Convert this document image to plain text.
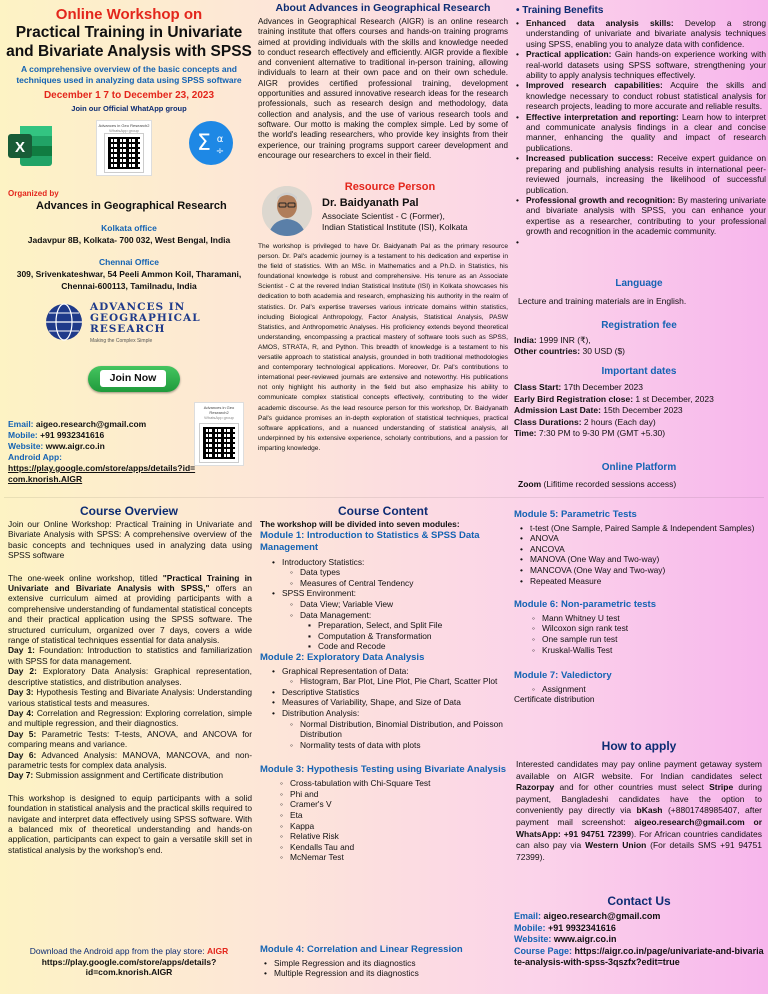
Online Workshop on
Practical Training in Univariate
and Bivariate Analysis with SPSS
A comprehensive overview of the basic concepts and techniques used in analyzing data using SPSS software
December 1 7 to December 23, 2023
Join our Official WhatApp group
X
Advances in Geo Research2
WhatsApp group
Σ α
÷
Organized by
Advances in Geographical Research
Kolkata office
Jadavpur 8B, Kolkata- 700 032, West Bengal, India
Chennai Office
309, Srivenkateshwar, 54 Peeli Ammon Koil, Tharamani, Chennai-600113, Tamilnadu, India
ADVANCES IN
GEOGRAPHICAL
RESEARCH
Making the Complex Simple
Join Now
Advances in Geo Research2
WhatsApp group
Email: aigeo.research@gmail.com
Mobile: +91 9932341616
Website: www.aigr.co.in
Android App:
https://play.google.com/store/apps/details?id=com.knorish.AIGR
About Advances in Geographical Research

Advances in Geographical Research (AIGR) is an online research training institute that offers courses and hands-on training programs aimed at providing individuals with the skills and knowledge needed to conduct research effectively and efficiently. AIGR provide a flexible and convenient alternative to traditional in-person training, allowing individuals to learn at their own pace and on their own schedule. AIGR provides certified professional training, development opportunities and assured innovative research ideas for the research professionals, such as research design and methodology, data collection and analysis, and the use of various research tools and software. Our motto is making the complex simple. Led by some of the world's leading researchers, who provide key insights from their experience, our training programs support career development and encourage our researchers to excel in their field.

Resource Person
Dr. Baidyanath Pal
Associate Scientist - C (Former),
Indian Statistical Institute (ISI), Kolkata

The workshop is privileged to have Dr. Baidyanath Pal as the primary resource person. Dr. Pal's academic journey is a testament to his dedication and expertise in the field of statistics. With an MSc. in Mathematics and a Ph.D. in Statistics, his foundational knowledge is robust and comprehensive. His tenure as an Associate Scientist - C at the revered Indian Statistical Institute (ISI) in Kolkata showcases his dedication to both academia and research, emphasizing his authority in the realm of statistics. Dr. Pal's expertise traverses various intricate domains within statistics, including Biological Anthropology, Factor Analysis, Statistical Analysis, PASW Statistics, and Anthropometric Analyses. His proficiency extends beyond theoretical understanding, encompassing a practical mastery of software tools such as SPSS, AMOS, STRATA, R, and Python. This breadth of knowledge is a testament to his versatile approach to statistical analysis, grounded in both traditional methodologies and contemporary technological applications. Moreover, Dr. Pal's contributions to international peer-reviewed journals are extensive and noteworthy. His publications not only highlight his authority in the field but also emphasize his ability to communicate complex statistical concepts effectively, contributing to the wider academic discourse. As the lead resource person for this workshop, Dr. Baidyanath Pal's guidance promises an in-depth exploration of statistical techniques, practical software applications, and a nuanced understanding of statistical analysis, all underpinned by his extensive experience, scholarly contributions, and a passion for imparting knowledge.

• Training Benefits
• Enhanced data analysis skills: Develop a strong understanding of univariate and bivariate analysis techniques using SPSS, enabling you to analyze data with confidence.
• Practical application: Gain hands-on experience working with real-world datasets using SPSS software, strengthening your ability to apply analysis techniques effectively.
• Improved research capabilities: Acquire the skills and knowledge necessary to conduct robust statistical analysis for research projects, leading to more accurate and reliable results.
• Effective interpretation and reporting: Learn how to interpret and communicate analysis findings in a clear and concise manner, enhancing the quality and impact of research publications.
• Increased publication success: Receive expert guidance on preparing and publishing analysis results in international peer-reviewed journals, increasing the likelihood of successful publication.
• Professional growth and recognition: By mastering univariate and bivariate analysis with SPSS, you can enhance your expertise as a researcher, contributing to your professional growth and recognition in the academic community.
Language
Lecture and training materials are in English.
Registration fee
India: 1999 INR (₹),
Other countries: 30 USD ($)
Important dates
Class Start: 17th December 2023
Early Bird Registration close: 1 st December, 2023
Admission Last Date: 15th December 2023
Class Durations: 2 hours (Each day)
Time: 7:30 PM to 9-30 PM (GMT +5.30)
Online Platform
Zoom (Lifitime recorded sessions access)
Course Overview

Join our Online Workshop: Practical Training in Univariate and Bivariate Analysis with SPSS: A comprehensive overview of the basic concepts and techniques used in analyzing data using SPSS software

The one-week online workshop, titled "Practical Training in Univariate and Bivariate Analysis with SPSS," offers an extensive curriculum aimed at providing participants with a comprehensive understanding of fundamental statistical concepts and their practical application using the SPSS software. The structured curriculum, organized over 7 days, covers a wide range of statistical techniques essential for data analysis.

Day 1: Foundation: Introduction to statistics and familiarization with SPSS for data management.
Day 2: Exploratory Data Analysis: Graphical representation, descriptive statistics, and distribution analyses.
Day 3: Hypothesis Testing and Bivariate Analysis: Understanding various statistical tests and measures.
Day 4: Correlation and Regression: Exploring correlation, simple and multiple regression, and their diagnostics.
Day 5: Parametric Tests: T-tests, ANOVA, and ANCOVA for comparing means and variance.
Day 6: Advanced Analysis: MANOVA, MANCOVA, and non-parametric tests for complex data analysis.
Day 7: Submission assignment and Certificate distribution

This workshop is designed to equip participants with a solid foundation in statistical analysis and the practical skills required to navigate and interpret data effectively using SPSS software. With a balanced mix of theoretical understanding and hands-on application, participants can expect to gain a versatile skill set in statistical analysis by the workshop's end.

Download the Android app from the play store: AIGR
https://play.google.com/store/apps/details?id=com.knorish.AIGR
Course Content
The workshop will be divided into seven modules:
Module 1: Introduction to Statistics & SPSS Data Management
• Introductory Statistics:
◦ Data types
◦ Measures of Central Tendency
• SPSS Environment:
◦ Data View; Variable View
◦ Data Management:
▪ Preparation, Select, and Split File
▪ Computation & Transformation
▪ Code and Recode
Module 2: Exploratory Data Analysis
• Graphical Representation of Data:
◦ Histogram, Bar Plot, Line Plot, Pie Chart, Scatter Plot
• Descriptive Statistics
• Measures of Variability, Shape, and Size of Data
• Distribution Analysis:
◦ Normal Distribution, Binomial Distribution, and Poisson Distribution
◦ Normality tests of data with plots
Module 3: Hypothesis Testing using Bivariate Analysis
◦ Cross-tabulation with Chi-Square Test
◦ Phi and
◦ Cramer's V
◦ Eta
◦ Kappa
◦ Relative Risk
◦ Kendalls Tau and
◦ McNemar Test
Module 4: Correlation and Linear Regression
• Simple Regression and its diagnostics
• Multiple Regression and its diagnostics
Module 5: Parametric Tests
• t-test (One Sample, Paired Sample & Independent Samples)
• ANOVA
• ANCOVA
• MANOVA (One Way and Two-way)
• MANCOVA (One Way and Two-way)
• Repeated Measure
Module 6: Non-parametric tests
◦ Mann Whitney U test
◦ Wilcoxon sign rank test
◦ One sample run test
◦ Kruskal-Wallis Test
Module 7: Valedictory
◦ Assignment
Certificate distribution
How to apply

Interested candidates may pay online payment getaway system available on AIGR website. For Indian candidates select Razorpay and for other countries must select Stripe during payment, Bangladeshi candidates have the option to conveniently pay directly via bKash (+8801748985407, after payment mail screenshot: aigeo.research@gmail.com or WhatsApp: +91 94751 72399). For African countries candidates can also pay via Western Union (For details SMS +91 94751 72399).

Contact Us
Email: aigeo.research@gmail.com
Mobile: +91 9932341616
Website: www.aigr.co.in
Course Page: https://aigr.co.in/page/univariate-and-bivariate-analysis-with-spss-3qszfx?edit=true
